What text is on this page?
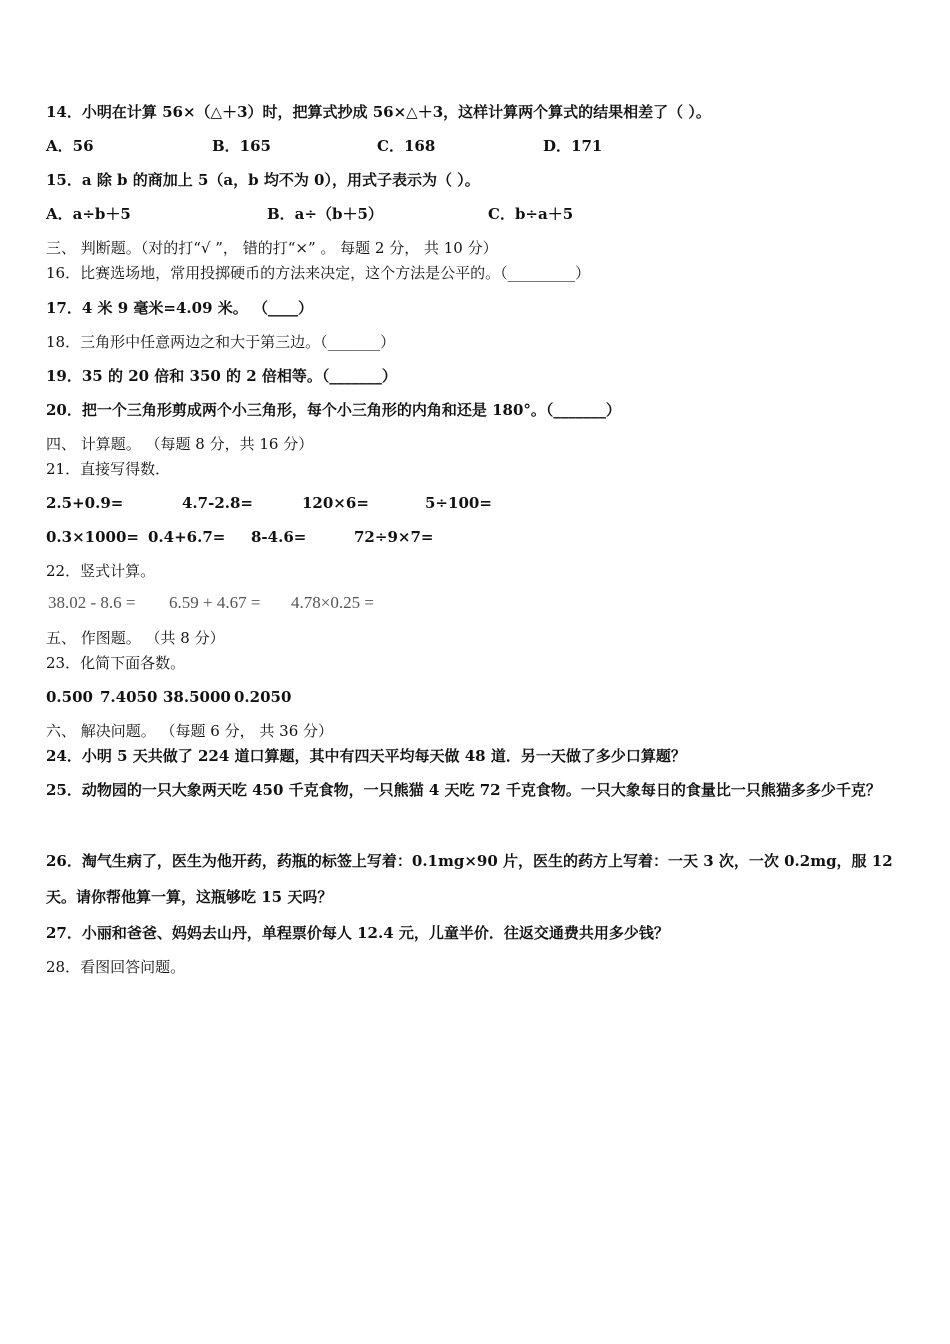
14．小明在计算 56×（△＋3）时，把算式抄成 56×△＋3，这样计算两个算式的结果相差了（ ）。
A．56	B．165	C．168	D．171
15．a 除 b 的商加上 5（a，b 均不为 0），用式子表示为（ ）。
A．a÷b＋5	B．a÷（b＋5）	C．b÷a＋5
三、 判断题。（对的打“√ ”， 错的打“×” 。 每题 2 分， 共 10 分）
16．比赛选场地，常用投掷硬币的方法来决定，这个方法是公平的。（_________）
17．4 米 9 毫米=4.09 米。 （____）
18．三角形中任意两边之和大于第三边。（_______）
19．35 的 20 倍和 350 的 2 倍相等。（_______）
20．把一个三角形剪成两个小三角形，每个小三角形的内角和还是 180°。（_______）
四、 计算题。 （每题 8 分，共 16 分）
21．直接写得数．
2.5+0.9=	4.7-2.8=	120×6=	5÷100=
0.3×1000= 0.4+6.7= 8-4.6=	72÷9×7=
22．竖式计算。
38.02 - 8.6 = 6.59 + 4.67 = 4.78×0.25 =
五、 作图题。 （共 8 分）
23．化简下面各数。
0.500 7.4050 38.5000 0.2050
六、 解决问题。 （每题 6 分， 共 36 分）
24．小明 5 天共做了 224 道口算题，其中有四天平均每天做 48 道．另一天做了多少口算题？
25．动物园的一只大象两天吃 450 千克食物，一只熊猫 4 天吃 72 千克食物。一只大象每日的食量比一只熊猫多多少千克？
26．淘气生病了，医生为他开药，药瓶的标签上写着：0.1mg×90 片，医生的药方上写着：一天 3 次，一次 0.2mg，服 12 天。请你帮他算一算，这瓶够吃 15 天吗？
27．小丽和爸爸、妈妈去山丹，单程票价每人 12.4 元，儿童半价．往返交通费共用多少钱？
28．看图回答问题。
